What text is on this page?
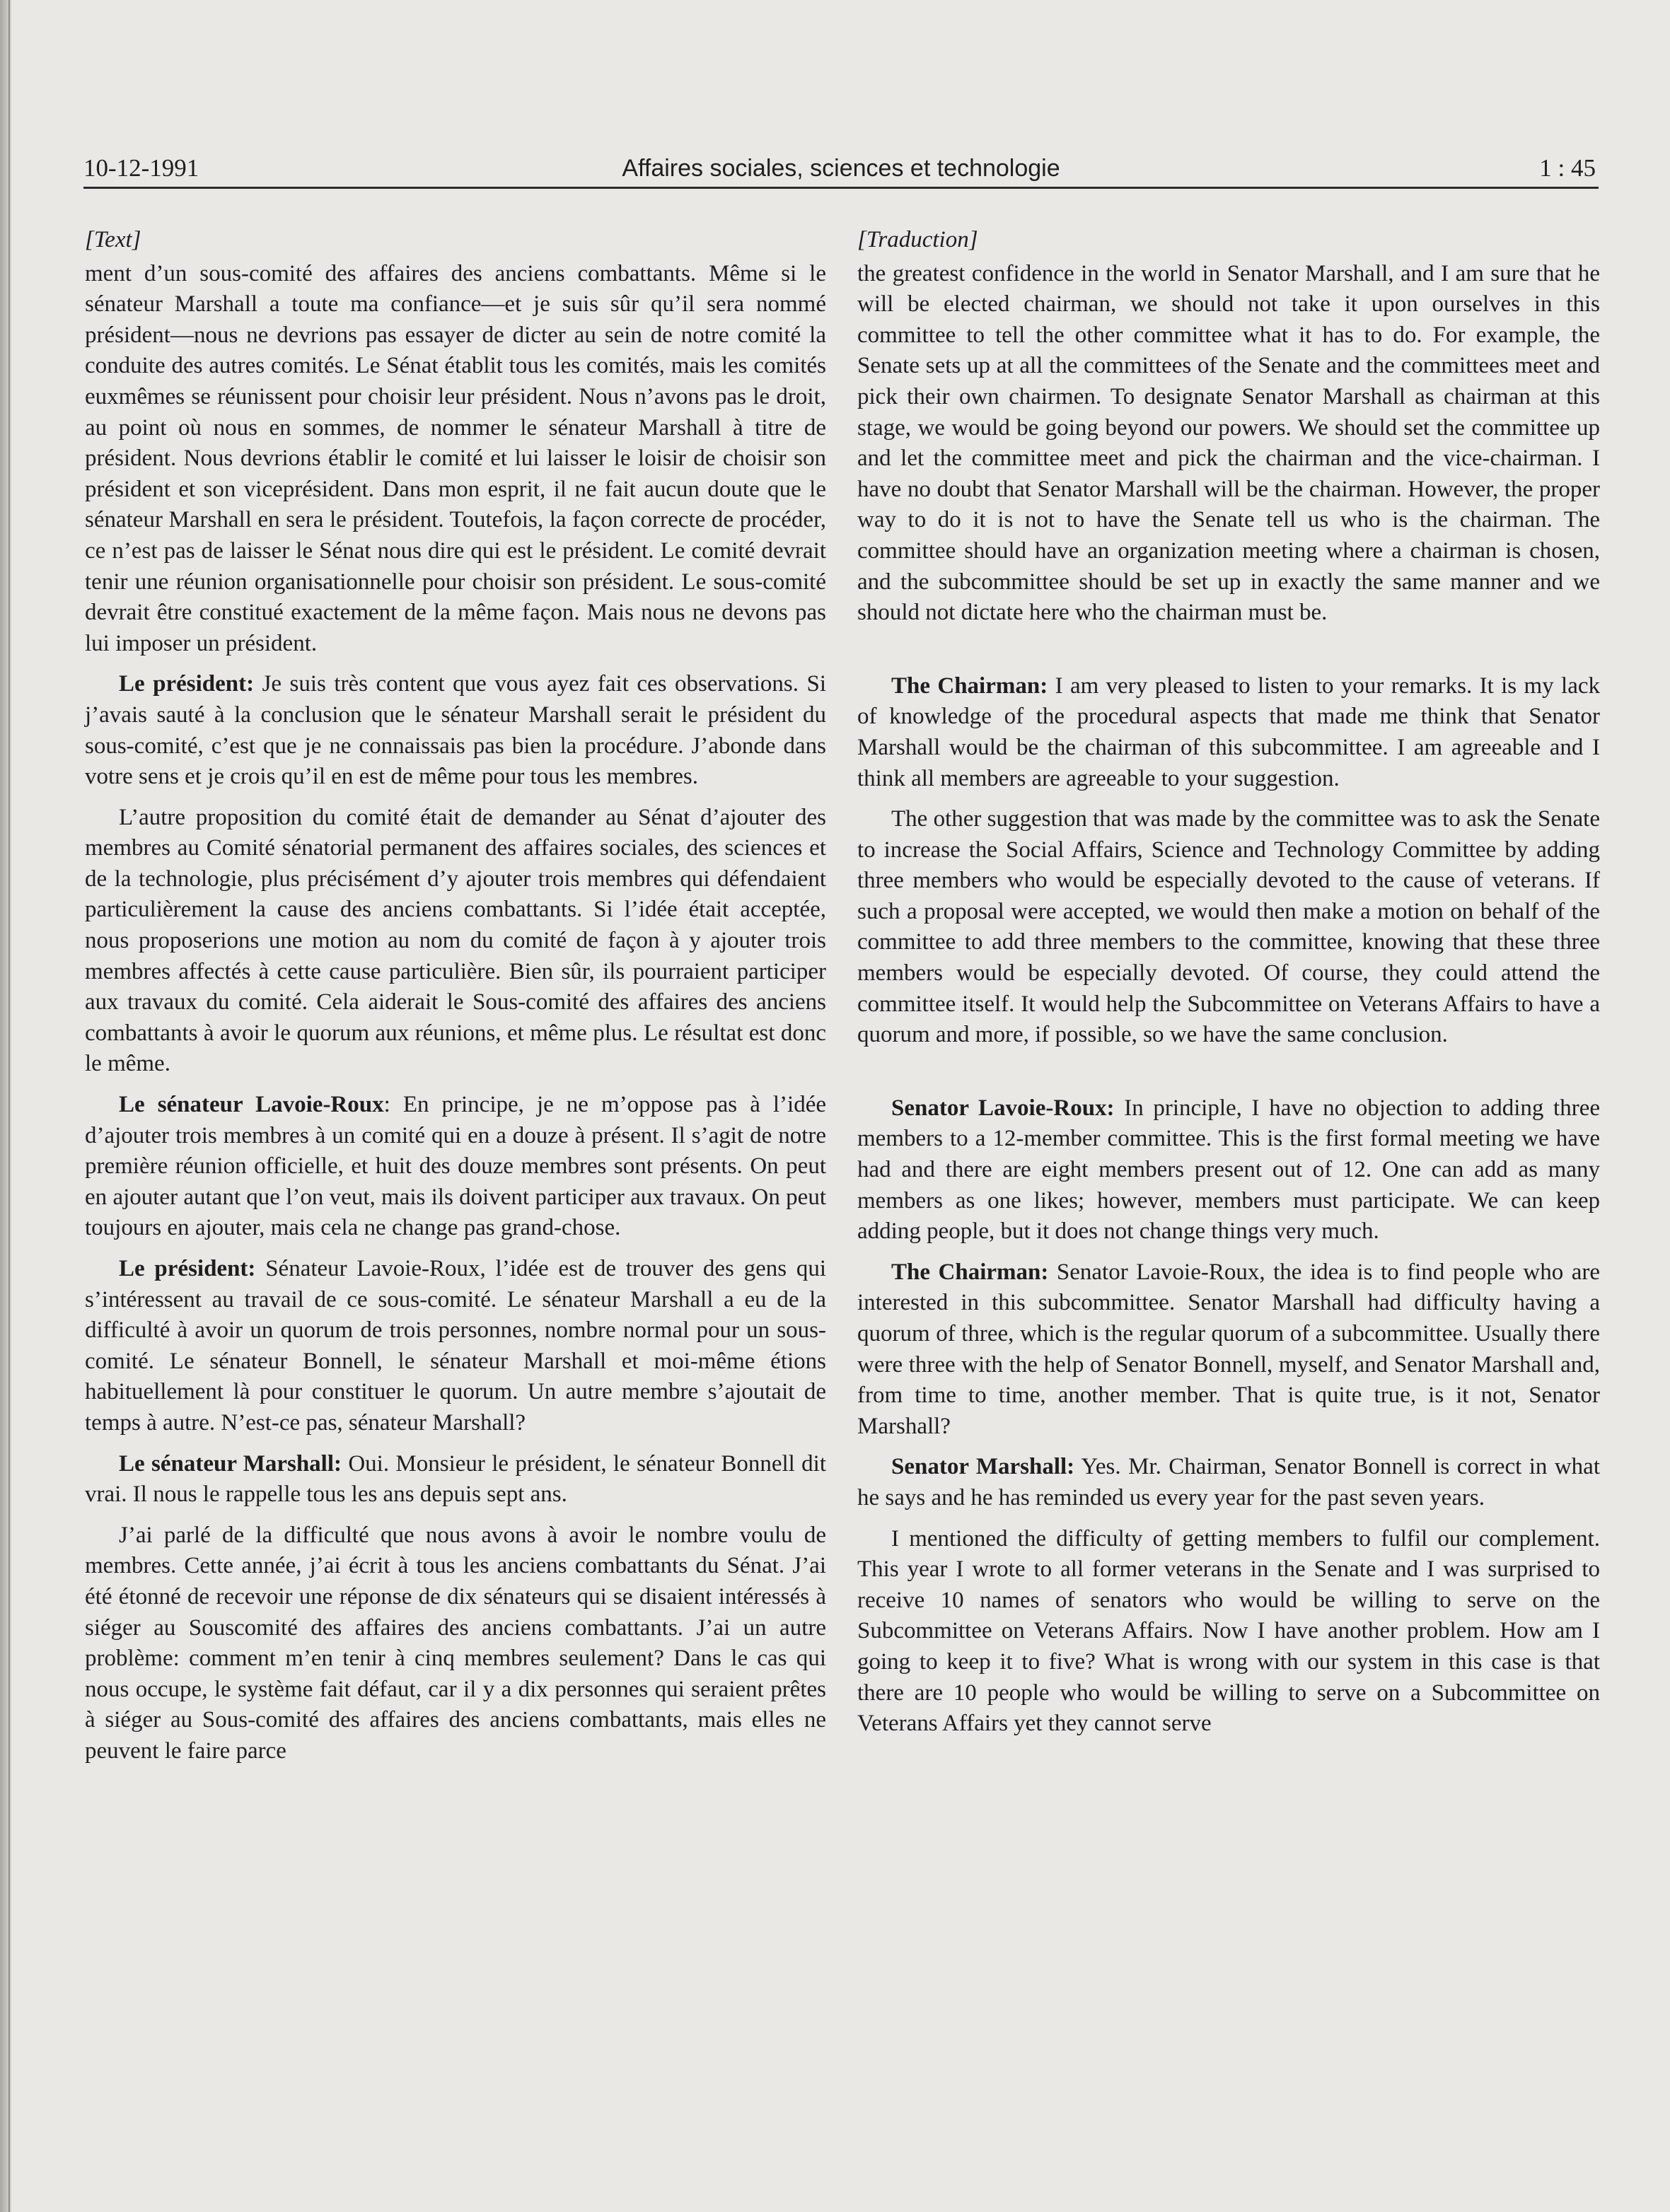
10-12-1991	Affaires sociales, sciences et technologie	1 : 45

[Text]

ment d’un sous-comité des affaires des anciens combattants. Même si le sénateur Marshall a toute ma confiance—et je suis sûr qu’il sera nommé président—nous ne devrions pas essayer de dicter au sein de notre comité la conduite des autres comités. Le Sénat établit tous les comités, mais les comités euxmêmes se réunissent pour choisir leur président. Nous n’avons pas le droit, au point où nous en sommes, de nommer le sénateur Marshall à titre de président. Nous devrions établir le comité et lui laisser le loisir de choisir son président et son viceprésident. Dans mon esprit, il ne fait aucun doute que le sénateur Marshall en sera le président. Toutefois, la façon correcte de procéder, ce n’est pas de laisser le Sénat nous dire qui est le président. Le comité devrait tenir une réunion organisationnelle pour choisir son président. Le sous-comité devrait être constitué exactement de la même façon. Mais nous ne devons pas lui imposer un président.

Le président: Je suis très content que vous ayez fait ces observations. Si j’avais sauté à la conclusion que le sénateur Marshall serait le président du sous-comité, c’est que je ne connaissais pas bien la procédure. J’abonde dans votre sens et je crois qu’il en est de même pour tous les membres.

L’autre proposition du comité était de demander au Sénat d’ajouter des membres au Comité sénatorial permanent des affaires sociales, des sciences et de la technologie, plus précisément d’y ajouter trois membres qui défendaient particulièrement la cause des anciens combattants. Si l’idée était acceptée, nous proposerions une motion au nom du comité de façon à y ajouter trois membres affectés à cette cause particulière. Bien sûr, ils pourraient participer aux travaux du comité. Cela aiderait le Sous-comité des affaires des anciens combattants à avoir le quorum aux réunions, et même plus. Le résultat est donc le même.

Le sénateur Lavoie-Roux: En principe, je ne m’oppose pas à l’idée d’ajouter trois membres à un comité qui en a douze à présent. Il s’agit de notre première réunion officielle, et huit des douze membres sont présents. On peut en ajouter autant que l’on veut, mais ils doivent participer aux travaux. On peut toujours en ajouter, mais cela ne change pas grand-chose.

Le président: Sénateur Lavoie-Roux, l’idée est de trouver des gens qui s’intéressent au travail de ce sous-comité. Le sénateur Marshall a eu de la difficulté à avoir un quorum de trois personnes, nombre normal pour un sous-comité. Le sénateur Bonnell, le sénateur Marshall et moi-même étions habituellement là pour constituer le quorum. Un autre membre s’ajoutait de temps à autre. N’est-ce pas, sénateur Marshall?

Le sénateur Marshall: Oui. Monsieur le président, le sénateur Bonnell dit vrai. Il nous le rappelle tous les ans depuis sept ans.

J’ai parlé de la difficulté que nous avons à avoir le nombre voulu de membres. Cette année, j’ai écrit à tous les anciens combattants du Sénat. J’ai été étonné de recevoir une réponse de dix sénateurs qui se disaient intéressés à siéger au Souscomité des affaires des anciens combattants. J’ai un autre problème: comment m’en tenir à cinq membres seulement? Dans le cas qui nous occupe, le système fait défaut, car il y a dix personnes qui seraient prêtes à siéger au Sous-comité des affaires des anciens combattants, mais elles ne peuvent le faire parce

[Traduction]

the greatest confidence in the world in Senator Marshall, and I am sure that he will be elected chairman, we should not take it upon ourselves in this committee to tell the other committee what it has to do. For example, the Senate sets up at all the committees of the Senate and the committees meet and pick their own chairmen. To designate Senator Marshall as chairman at this stage, we would be going beyond our powers. We should set the committee up and let the committee meet and pick the chairman and the vice-chairman. I have no doubt that Senator Marshall will be the chairman. However, the proper way to do it is not to have the Senate tell us who is the chairman. The committee should have an organization meeting where a chairman is chosen, and the subcommittee should be set up in exactly the same manner and we should not dictate here who the chairman must be.

The Chairman: I am very pleased to listen to your remarks. It is my lack of knowledge of the procedural aspects that made me think that Senator Marshall would be the chairman of this subcommittee. I am agreeable and I think all members are agreeable to your suggestion.

The other suggestion that was made by the committee was to ask the Senate to increase the Social Affairs, Science and Technology Committee by adding three members who would be especially devoted to the cause of veterans. If such a proposal were accepted, we would then make a motion on behalf of the committee to add three members to the committee, knowing that these three members would be especially devoted. Of course, they could attend the committee itself. It would help the Subcommittee on Veterans Affairs to have a quorum and more, if possible, so we have the same conclusion.

Senator Lavoie-Roux: In principle, I have no objection to adding three members to a 12-member committee. This is the first formal meeting we have had and there are eight members present out of 12. One can add as many members as one likes; however, members must participate. We can keep adding people, but it does not change things very much.

The Chairman: Senator Lavoie-Roux, the idea is to find people who are interested in this subcommittee. Senator Marshall had difficulty having a quorum of three, which is the regular quorum of a subcommittee. Usually there were three with the help of Senator Bonnell, myself, and Senator Marshall and, from time to time, another member. That is quite true, is it not, Senator Marshall?

Senator Marshall: Yes. Mr. Chairman, Senator Bonnell is correct in what he says and he has reminded us every year for the past seven years.

I mentioned the difficulty of getting members to fulfil our complement. This year I wrote to all former veterans in the Senate and I was surprised to receive 10 names of senators who would be willing to serve on the Subcommittee on Veterans Affairs. Now I have another problem. How am I going to keep it to five? What is wrong with our system in this case is that there are 10 people who would be willing to serve on a Subcommittee on Veterans Affairs yet they cannot serve
